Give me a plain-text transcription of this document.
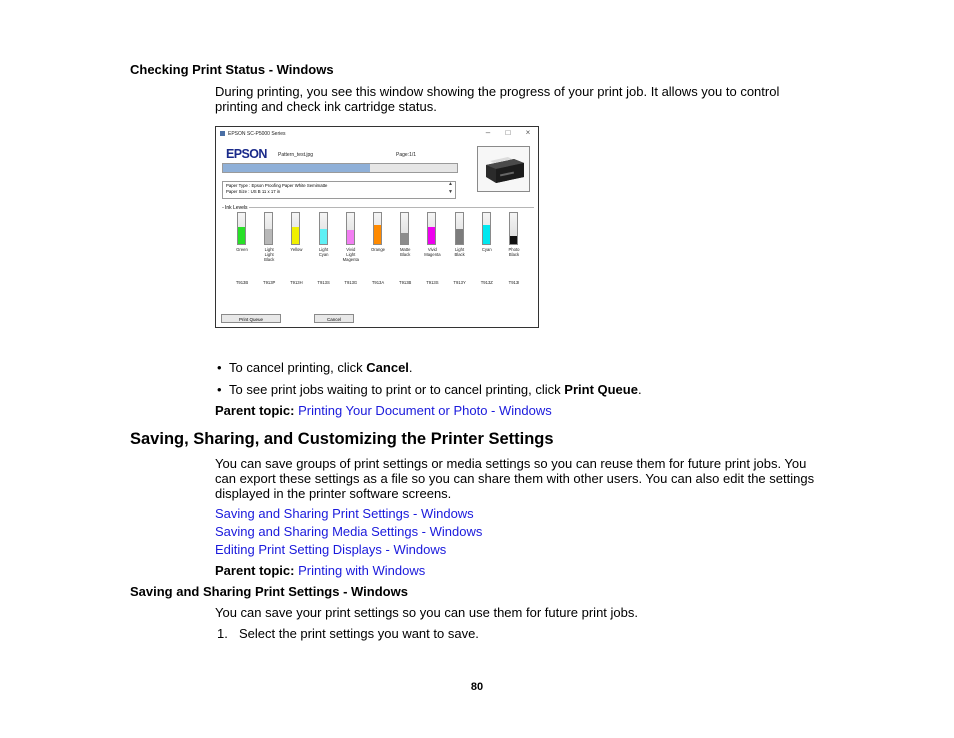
Checking Print Status - Windows
During printing, you see this window showing the progress of your print job. It allows you to control
printing and check ink cartridge status.
EPSON SC-P5000 Series	–	□	×
EPSON Pattern_test.jpg	Page:1/1
Paper Type : Epson Proofing Paper White Semimatte
Paper Size : US B 11 x 17 in
▲
▼
Ink Levels
Green
T913B
Light
Light
Black
T913P
Yellow
T913H
Light
Cyan
T913S
Vivid
Light
Magenta
T913G
Orange
T913A
Matte
Black
T913B
Vivid
Magenta
T913S
Light
Black
T913Y
Cyan
T913Z
Photo
Black
T913I
Print Queue	Cancel
• To cancel printing, click Cancel.
• To see print jobs waiting to print or to cancel printing, click Print Queue.
Parent topic: Printing Your Document or Photo - Windows
Saving, Sharing, and Customizing the Printer Settings
You can save groups of print settings or media settings so you can reuse them for future print jobs. You
can export these settings as a file so you can share them with other users. You can also edit the settings
displayed in the printer software screens.
Saving and Sharing Print Settings - Windows
Saving and Sharing Media Settings - Windows
Editing Print Setting Displays - Windows
Parent topic: Printing with Windows
Saving and Sharing Print Settings - Windows
You can save your print settings so you can use them for future print jobs.
1. Select the print settings you want to save.
80
